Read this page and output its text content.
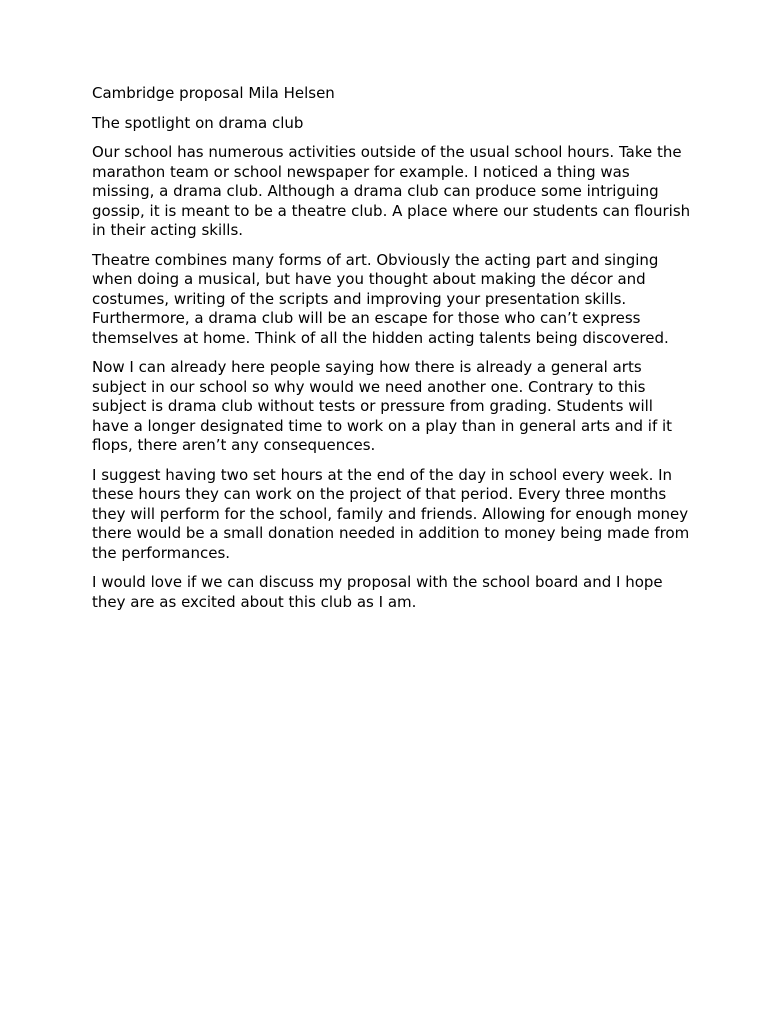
Cambridge proposal Mila Helsen

The spotlight on drama club

Our school has numerous activities outside of the usual school hours. Take the marathon team or school newspaper for example. I noticed a thing was missing, a drama club. Although a drama club can produce some intriguing gossip, it is meant to be a theatre club. A place where our students can flourish in their acting skills.

Theatre combines many forms of art. Obviously the acting part and singing when doing a musical, but have you thought about making the décor and costumes, writing of the scripts and improving your presentation skills. Furthermore, a drama club will be an escape for those who can’t express themselves at home. Think of all the hidden acting talents being discovered.

Now I can already here people saying how there is already a general arts subject in our school so why would we need another one. Contrary to this subject is drama club without tests or pressure from grading. Students will have a longer designated time to work on a play than in general arts and if it flops, there aren’t any consequences.

I suggest having two set hours at the end of the day in school every week. In these hours they can work on the project of that period. Every three months they will perform for the school, family and friends. Allowing for enough money there would be a small donation needed in addition to money being made from the performances.

I would love if we can discuss my proposal with the school board and I hope they are as excited about this club as I am.
